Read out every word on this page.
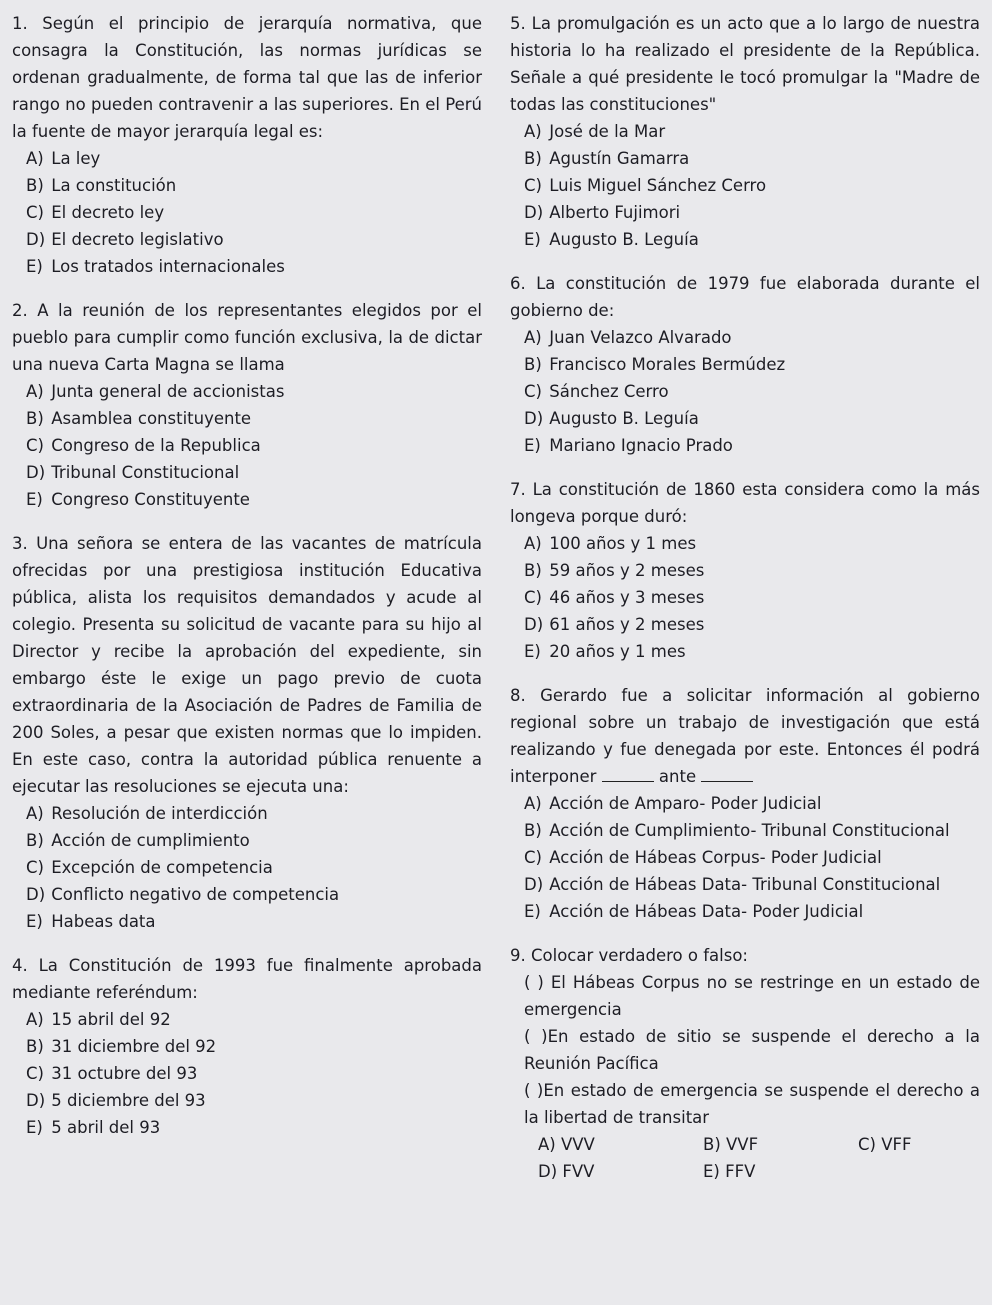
1. Según el principio de jerarquía normativa, que consagra la Constitución, las normas jurídicas se ordenan gradualmente, de forma tal que las de inferior rango no pueden contravenir a las superiores. En el Perú la fuente de mayor jerarquía legal es:
A) La ley
B) La constitución
C) El decreto ley
D) El decreto legislativo
E) Los tratados internacionales
2. A la reunión de los representantes elegidos por el pueblo para cumplir como función exclusiva, la de dictar una nueva Carta Magna se llama
A) Junta general de accionistas
B) Asamblea constituyente
C) Congreso de la Republica
D) Tribunal Constitucional
E) Congreso Constituyente
3. Una señora se entera de las vacantes de matrícula ofrecidas por una prestigiosa institución Educativa pública, alista los requisitos demandados y acude al colegio. Presenta su solicitud de vacante para su hijo al Director y recibe la aprobación del expediente, sin embargo éste le exige un pago previo de cuota extraordinaria de la Asociación de Padres de Familia de 200 Soles, a pesar que existen normas que lo impiden. En este caso, contra la autoridad pública renuente a ejecutar las resoluciones se ejecuta una:
A) Resolución de interdicción
B) Acción de cumplimiento
C) Excepción de competencia
D) Conflicto negativo de competencia
E) Habeas data
4. La Constitución de 1993 fue finalmente aprobada mediante referéndum:
A) 15 abril del 92
B) 31 diciembre del 92
C) 31 octubre del 93
D) 5 diciembre del 93
E) 5 abril del 93
5. La promulgación es un acto que a lo largo de nuestra historia lo ha realizado el presidente de la República. Señale a qué presidente le tocó promulgar la "Madre de todas las constituciones"
A) José de la Mar
B) Agustín Gamarra
C) Luis Miguel Sánchez Cerro
D) Alberto Fujimori
E) Augusto B. Leguía
6. La constitución de 1979 fue elaborada durante el gobierno de:
A) Juan Velazco Alvarado
B) Francisco Morales Bermúdez
C) Sánchez Cerro
D) Augusto B. Leguía
E) Mariano Ignacio Prado
7. La constitución de 1860 esta considera como la más longeva porque duró:
A) 100 años y 1 mes
B) 59 años y 2 meses
C) 46 años y 3 meses
D) 61 años y 2 meses
E) 20 años y 1 mes
8. Gerardo fue a solicitar información al gobierno regional sobre un trabajo de investigación que está realizando y fue denegada por este. Entonces él podrá interponer	ante
A) Acción de Amparo- Poder Judicial
B) Acción de Cumplimiento- Tribunal Constitucional
C) Acción de Hábeas Corpus- Poder Judicial
D) Acción de Hábeas Data- Tribunal Constitucional
E) Acción de Hábeas Data- Poder Judicial
9. Colocar verdadero o falso:
( ) El Hábeas Corpus no se restringe en un estado de emergencia
( )En estado de sitio se suspende el derecho a la Reunión Pacífica
( )En estado de emergencia se suspende el derecho a la libertad de transitar
A) VVV	B) VVF	C) VFF
D) FVV	E) FFV
